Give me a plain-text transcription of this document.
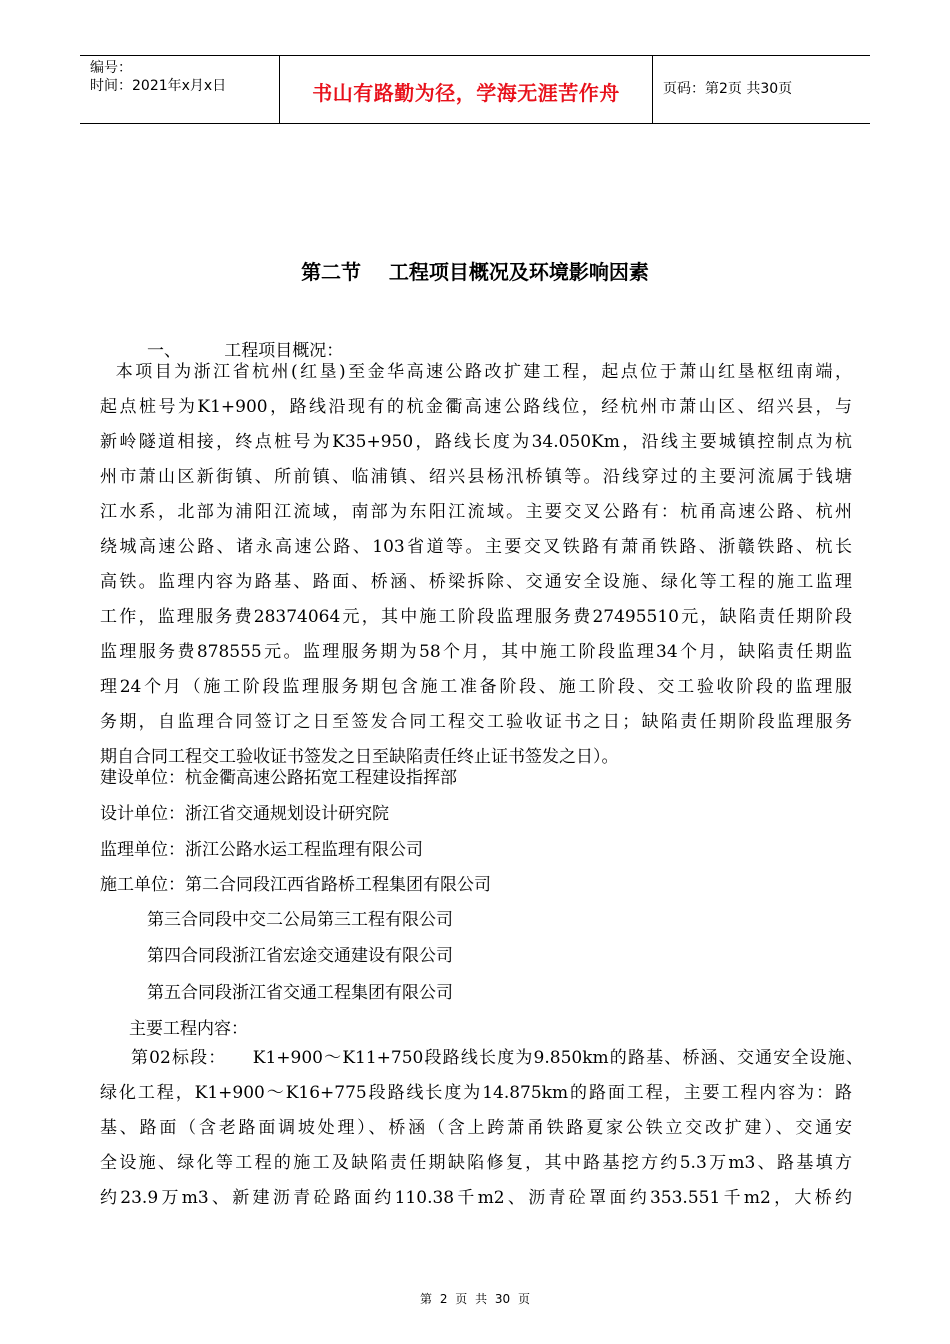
编号：
时间：2021年x月x日	书山有路勤为径，学海无涯苦作舟	页码：第2页 共30页
第二节    工程项目概况及环境影响因素
一、        工程项目概况：
本项目为浙江省杭州(红垦)至金华高速公路改扩建工程，起点位于萧山红垦枢纽南端，
起点桩号为K1+900，路线沿现有的杭金衢高速公路线位，经杭州市萧山区、绍兴县，与
新岭隧道相接，终点桩号为K35+950，路线长度为34.050Km，沿线主要城镇控制点为杭
州市萧山区新街镇、所前镇、临浦镇、绍兴县杨汛桥镇等。沿线穿过的主要河流属于钱塘
江水系，北部为浦阳江流域，南部为东阳江流域。主要交叉公路有：杭甬高速公路、杭州
绕城高速公路、诸永高速公路、103省道等。主要交叉铁路有萧甬铁路、浙赣铁路、杭长
高铁。监理内容为路基、路面、桥涵、桥梁拆除、交通安全设施、绿化等工程的施工监理
工作，监理服务费28374064元，其中施工阶段监理服务费27495510元，缺陷责任期阶段
监理服务费878555元。监理服务期为58个月，其中施工阶段监理34个月，缺陷责任期监
理24个月（施工阶段监理服务期包含施工准备阶段、施工阶段、交工验收阶段的监理服
务期，自监理合同签订之日至签发合同工程交工验收证书之日；缺陷责任期阶段监理服务
期自合同工程交工验收证书签发之日至缺陷责任终止证书签发之日）。
建设单位：杭金衢高速公路拓宽工程建设指挥部
设计单位：浙江省交通规划设计研究院
监理单位：浙江公路水运工程监理有限公司
施工单位：第二合同段江西省路桥工程集团有限公司
第三合同段中交二公局第三工程有限公司
第四合同段浙江省宏途交通建设有限公司
第五合同段浙江省交通工程集团有限公司
主要工程内容：
第02标段：    K1+900～K11+750段路线长度为9.850km的路基、桥涵、交通安全设施、
绿化工程，K1+900～K16+775段路线长度为14.875km的路面工程，主要工程内容为：路
基、路面（含老路面调坡处理）、桥涵（含上跨萧甬铁路夏家公铁立交改扩建）、交通安
全设施、绿化等工程的施工及缺陷责任期缺陷修复，其中路基挖方约5.3万m3、路基填方
约23.9万m3、新建沥青砼路面约110.38千m2、沥青砼罩面约353.551千m2，大桥约
第 2 页 共 30 页
